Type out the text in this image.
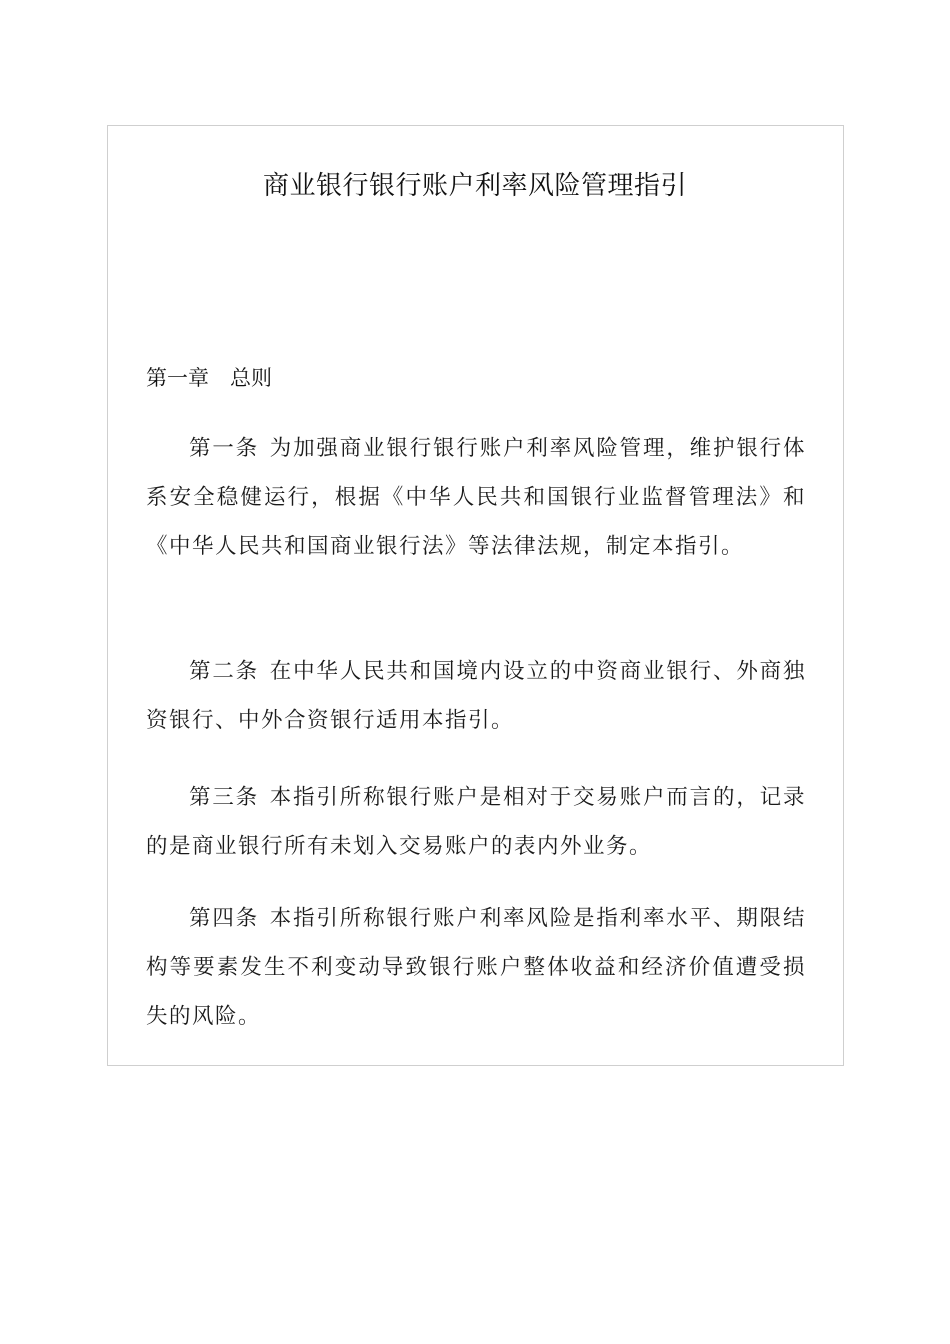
商业银行银行账户利率风险管理指引
第一章　总则

第一条 为加强商业银行银行账户利率风险管理，维护银行体系安全稳健运行，根据《中华人民共和国银行业监督管理法》和《中华人民共和国商业银行法》等法律法规，制定本指引。

第二条 在中华人民共和国境内设立的中资商业银行、外商独资银行、中外合资银行适用本指引。

第三条 本指引所称银行账户是相对于交易账户而言的，记录的是商业银行所有未划入交易账户的表内外业务。

第四条 本指引所称银行账户利率风险是指利率水平、期限结构等要素发生不利变动导致银行账户整体收益和经济价值遭受损失的风险。
